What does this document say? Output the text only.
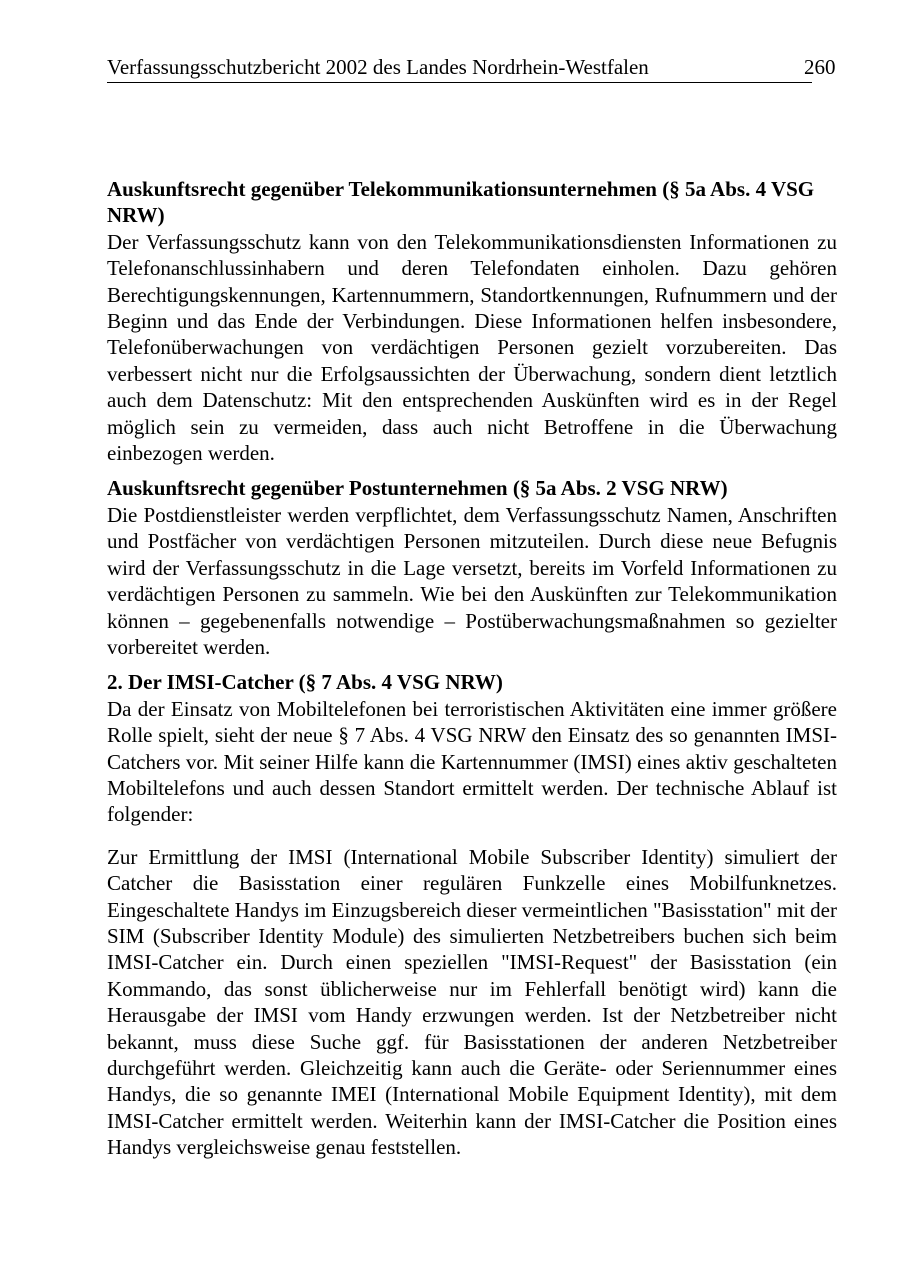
Verfassungsschutzbericht 2002 des Landes Nordrhein-Westfalen	260
Auskunftsrecht gegenüber Telekommunikationsunternehmen (§ 5a Abs. 4 VSG NRW)

Der Verfassungsschutz kann von den Telekommunikationsdiensten Informationen zu Telefonanschlussinhabern und deren Telefondaten einholen. Dazu gehören Berechtigungskennungen, Kartennummern, Standortkennungen, Rufnummern und der Beginn und das Ende der Verbindungen. Diese Informationen helfen insbesondere, Telefonüberwachungen von verdächtigen Personen gezielt vorzubereiten. Das verbessert nicht nur die Erfolgsaussichten der Überwachung, sondern dient letztlich auch dem Datenschutz: Mit den entsprechenden Auskünften wird es in der Regel möglich sein zu vermeiden, dass auch nicht Betroffene in die Überwachung einbezogen werden.

Auskunftsrecht gegenüber Postunternehmen (§ 5a Abs. 2 VSG NRW)

Die Postdienstleister werden verpflichtet, dem Verfassungsschutz Namen, Anschriften und Postfächer von verdächtigen Personen mitzuteilen. Durch diese neue Befugnis wird der Verfassungsschutz in die Lage versetzt, bereits im Vorfeld Informationen zu verdächtigen Personen zu sammeln. Wie bei den Auskünften zur Telekommunikation können – gegebenenfalls notwendige – Postüberwachungsmaßnahmen so gezielter vorbereitet werden.

2. Der IMSI-Catcher (§ 7 Abs. 4 VSG NRW)

Da der Einsatz von Mobiltelefonen bei terroristischen Aktivitäten eine immer größere Rolle spielt, sieht der neue § 7 Abs. 4 VSG NRW den Einsatz des so genannten IMSI-Catchers vor. Mit seiner Hilfe kann die Kartennummer (IMSI) eines aktiv geschalteten Mobiltelefons und auch dessen Standort ermittelt werden. Der technische Ablauf ist folgender:

Zur Ermittlung der IMSI (International Mobile Subscriber Identity) simuliert der Catcher die Basisstation einer regulären Funkzelle eines Mobilfunknetzes. Eingeschaltete Handys im Einzugsbereich dieser vermeintlichen "Basisstation" mit der SIM (Subscriber Identity Module) des simulierten Netzbetreibers buchen sich beim IMSI-Catcher ein. Durch einen speziellen "IMSI-Request" der Basisstation (ein Kommando, das sonst üblicherweise nur im Fehlerfall benötigt wird) kann die Herausgabe der IMSI vom Handy erzwungen werden. Ist der Netzbetreiber nicht bekannt, muss diese Suche ggf. für Basisstationen der anderen Netzbetreiber durchgeführt werden. Gleichzeitig kann auch die Geräte- oder Seriennummer eines Handys, die so genannte IMEI (International Mobile Equipment Identity), mit dem IMSI-Catcher ermittelt werden. Weiterhin kann der IMSI-Catcher die Position eines Handys vergleichsweise genau feststellen.
